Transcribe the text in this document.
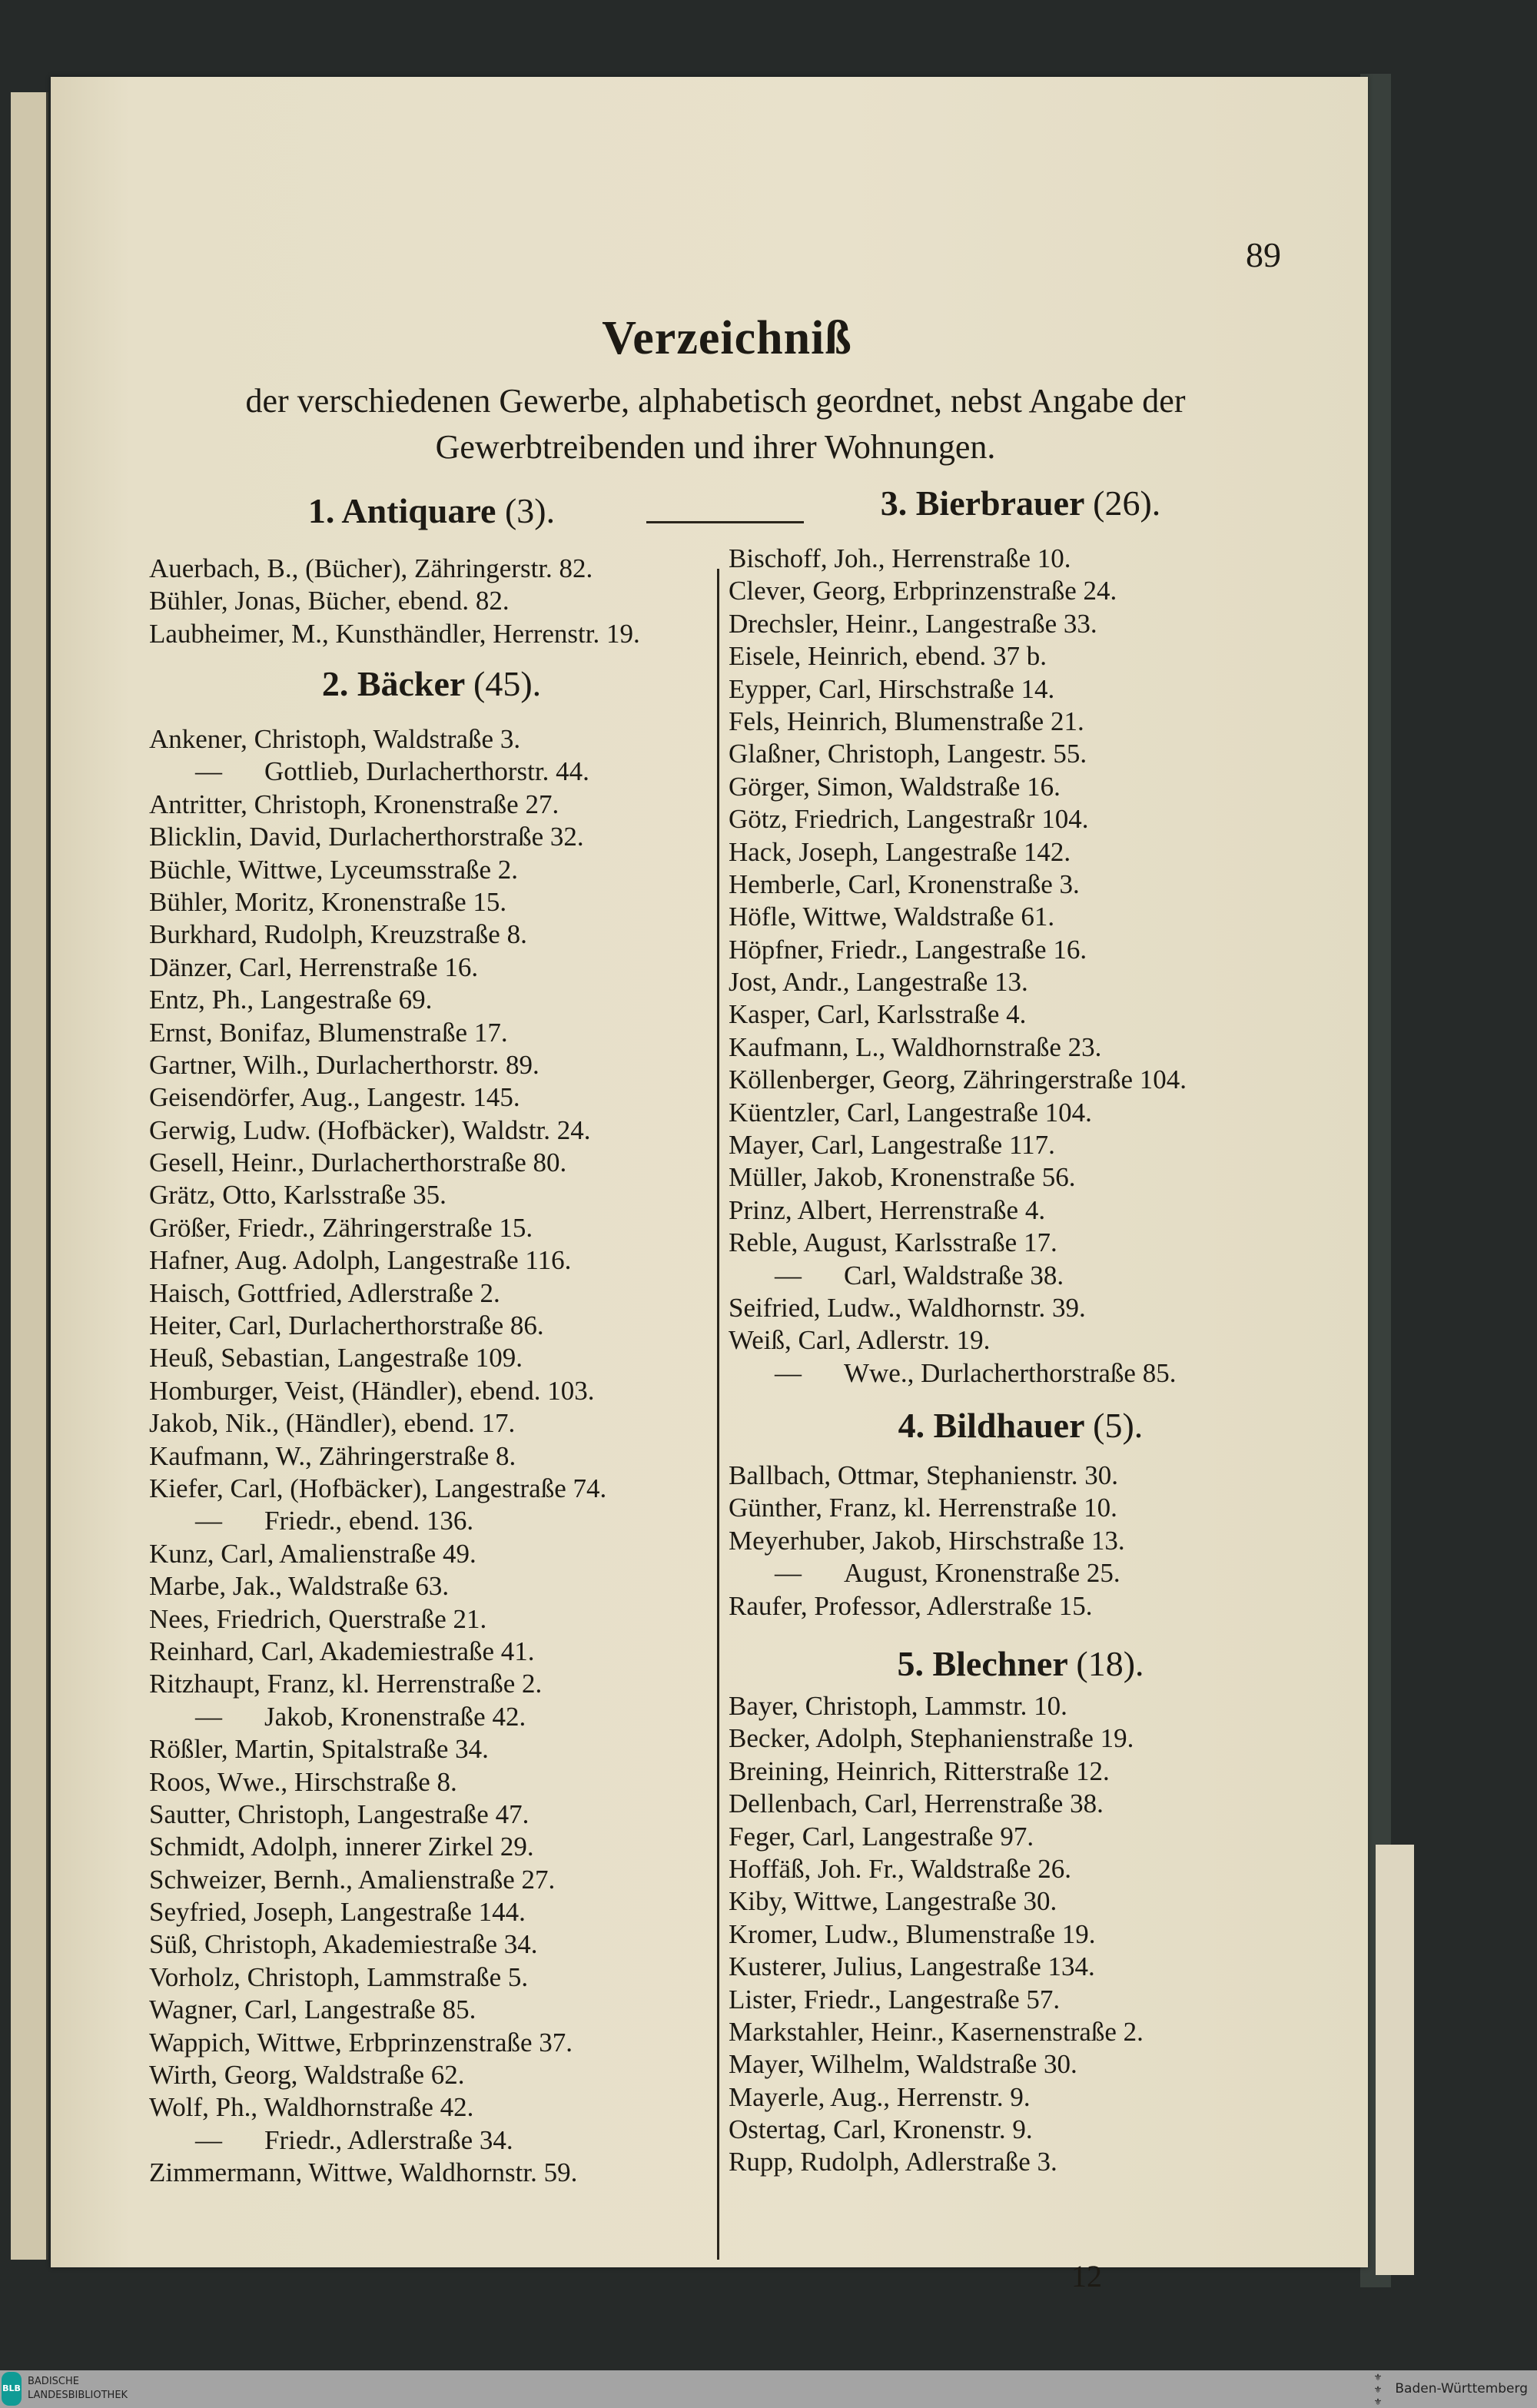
89
Verzeichniß
der verschiedenen Gewerbe, alphabetisch geordnet, nebst Angabe der
Gewerbtreibenden und ihrer Wohnungen.
1. Antiquare (3).
Auerbach, B., (Bücher), Zähringerstr. 82.
Bühler, Jonas, Bücher, ebend. 82.
Laubheimer, M., Kunsthändler, Herrenstr. 19.
2. Bäcker (45).
Ankener, Christoph, Waldstraße 3.
— Gottlieb, Durlacherthorstr. 44.
Antritter, Christoph, Kronenstraße 27.
Blicklin, David, Durlacherthorstraße 32.
Büchle, Wittwe, Lyceumsstraße 2.
Bühler, Moritz, Kronenstraße 15.
Burkhard, Rudolph, Kreuzstraße 8.
Dänzer, Carl, Herrenstraße 16.
Entz, Ph., Langestraße 69.
Ernst, Bonifaz, Blumenstraße 17.
Gartner, Wilh., Durlacherthorstr. 89.
Geisendörfer, Aug., Langestr. 145.
Gerwig, Ludw. (Hofbäcker), Waldstr. 24.
Gesell, Heinr., Durlacherthorstraße 80.
Grätz, Otto, Karlsstraße 35.
Größer, Friedr., Zähringerstraße 15.
Hafner, Aug. Adolph, Langestraße 116.
Haisch, Gottfried, Adlerstraße 2.
Heiter, Carl, Durlacherthorstraße 86.
Heuß, Sebastian, Langestraße 109.
Homburger, Veist, (Händler), ebend. 103.
Jakob, Nik., (Händler), ebend. 17.
Kaufmann, W., Zähringerstraße 8.
Kiefer, Carl, (Hofbäcker), Langestraße 74.
— Friedr., ebend. 136.
Kunz, Carl, Amalienstraße 49.
Marbe, Jak., Waldstraße 63.
Nees, Friedrich, Querstraße 21.
Reinhard, Carl, Akademiestraße 41.
Ritzhaupt, Franz, kl. Herrenstraße 2.
— Jakob, Kronenstraße 42.
Rößler, Martin, Spitalstraße 34.
Roos, Wwe., Hirschstraße 8.
Sautter, Christoph, Langestraße 47.
Schmidt, Adolph, innerer Zirkel 29.
Schweizer, Bernh., Amalienstraße 27.
Seyfried, Joseph, Langestraße 144.
Süß, Christoph, Akademiestraße 34.
Vorholz, Christoph, Lammstraße 5.
Wagner, Carl, Langestraße 85.
Wappich, Wittwe, Erbprinzenstraße 37.
Wirth, Georg, Waldstraße 62.
Wolf, Ph., Waldhornstraße 42.
— Friedr., Adlerstraße 34.
Zimmermann, Wittwe, Waldhornstr. 59.
3. Bierbrauer (26).
Bischoff, Joh., Herrenstraße 10.
Clever, Georg, Erbprinzenstraße 24.
Drechsler, Heinr., Langestraße 33.
Eisele, Heinrich, ebend. 37 b.
Eypper, Carl, Hirschstraße 14.
Fels, Heinrich, Blumenstraße 21.
Glaßner, Christoph, Langestr. 55.
Görger, Simon, Waldstraße 16.
Götz, Friedrich, Langestraßr 104.
Hack, Joseph, Langestraße 142.
Hemberle, Carl, Kronenstraße 3.
Höfle, Wittwe, Waldstraße 61.
Höpfner, Friedr., Langestraße 16.
Jost, Andr., Langestraße 13.
Kasper, Carl, Karlsstraße 4.
Kaufmann, L., Waldhornstraße 23.
Köllenberger, Georg, Zähringerstraße 104.
Küentzler, Carl, Langestraße 104.
Mayer, Carl, Langestraße 117.
Müller, Jakob, Kronenstraße 56.
Prinz, Albert, Herrenstraße 4.
Reble, August, Karlsstraße 17.
— Carl, Waldstraße 38.
Seifried, Ludw., Waldhornstr. 39.
Weiß, Carl, Adlerstr. 19.
— Wwe., Durlacherthorstraße 85.
4. Bildhauer (5).
Ballbach, Ottmar, Stephanienstr. 30.
Günther, Franz, kl. Herrenstraße 10.
Meyerhuber, Jakob, Hirschstraße 13.
— August, Kronenstraße 25.
Raufer, Professor, Adlerstraße 15.
5. Blechner (18).
Bayer, Christoph, Lammstr. 10.
Becker, Adolph, Stephanienstraße 19.
Breining, Heinrich, Ritterstraße 12.
Dellenbach, Carl, Herrenstraße 38.
Feger, Carl, Langestraße 97.
Hoffäß, Joh. Fr., Waldstraße 26.
Kiby, Wittwe, Langestraße 30.
Kromer, Ludw., Blumenstraße 19.
Kusterer, Julius, Langestraße 134.
Lister, Friedr., Langestraße 57.
Markstahler, Heinr., Kasernenstraße 2.
Mayer, Wilhelm, Waldstraße 30.
Mayerle, Aug., Herrenstr. 9.
Ostertag, Carl, Kronenstr. 9.
Rupp, Rudolph, Adlerstraße 3.
12
BLB
BADISCHE
LANDESBIBLIOTHEK
⚜
⚜
⚜
Baden-Württemberg
